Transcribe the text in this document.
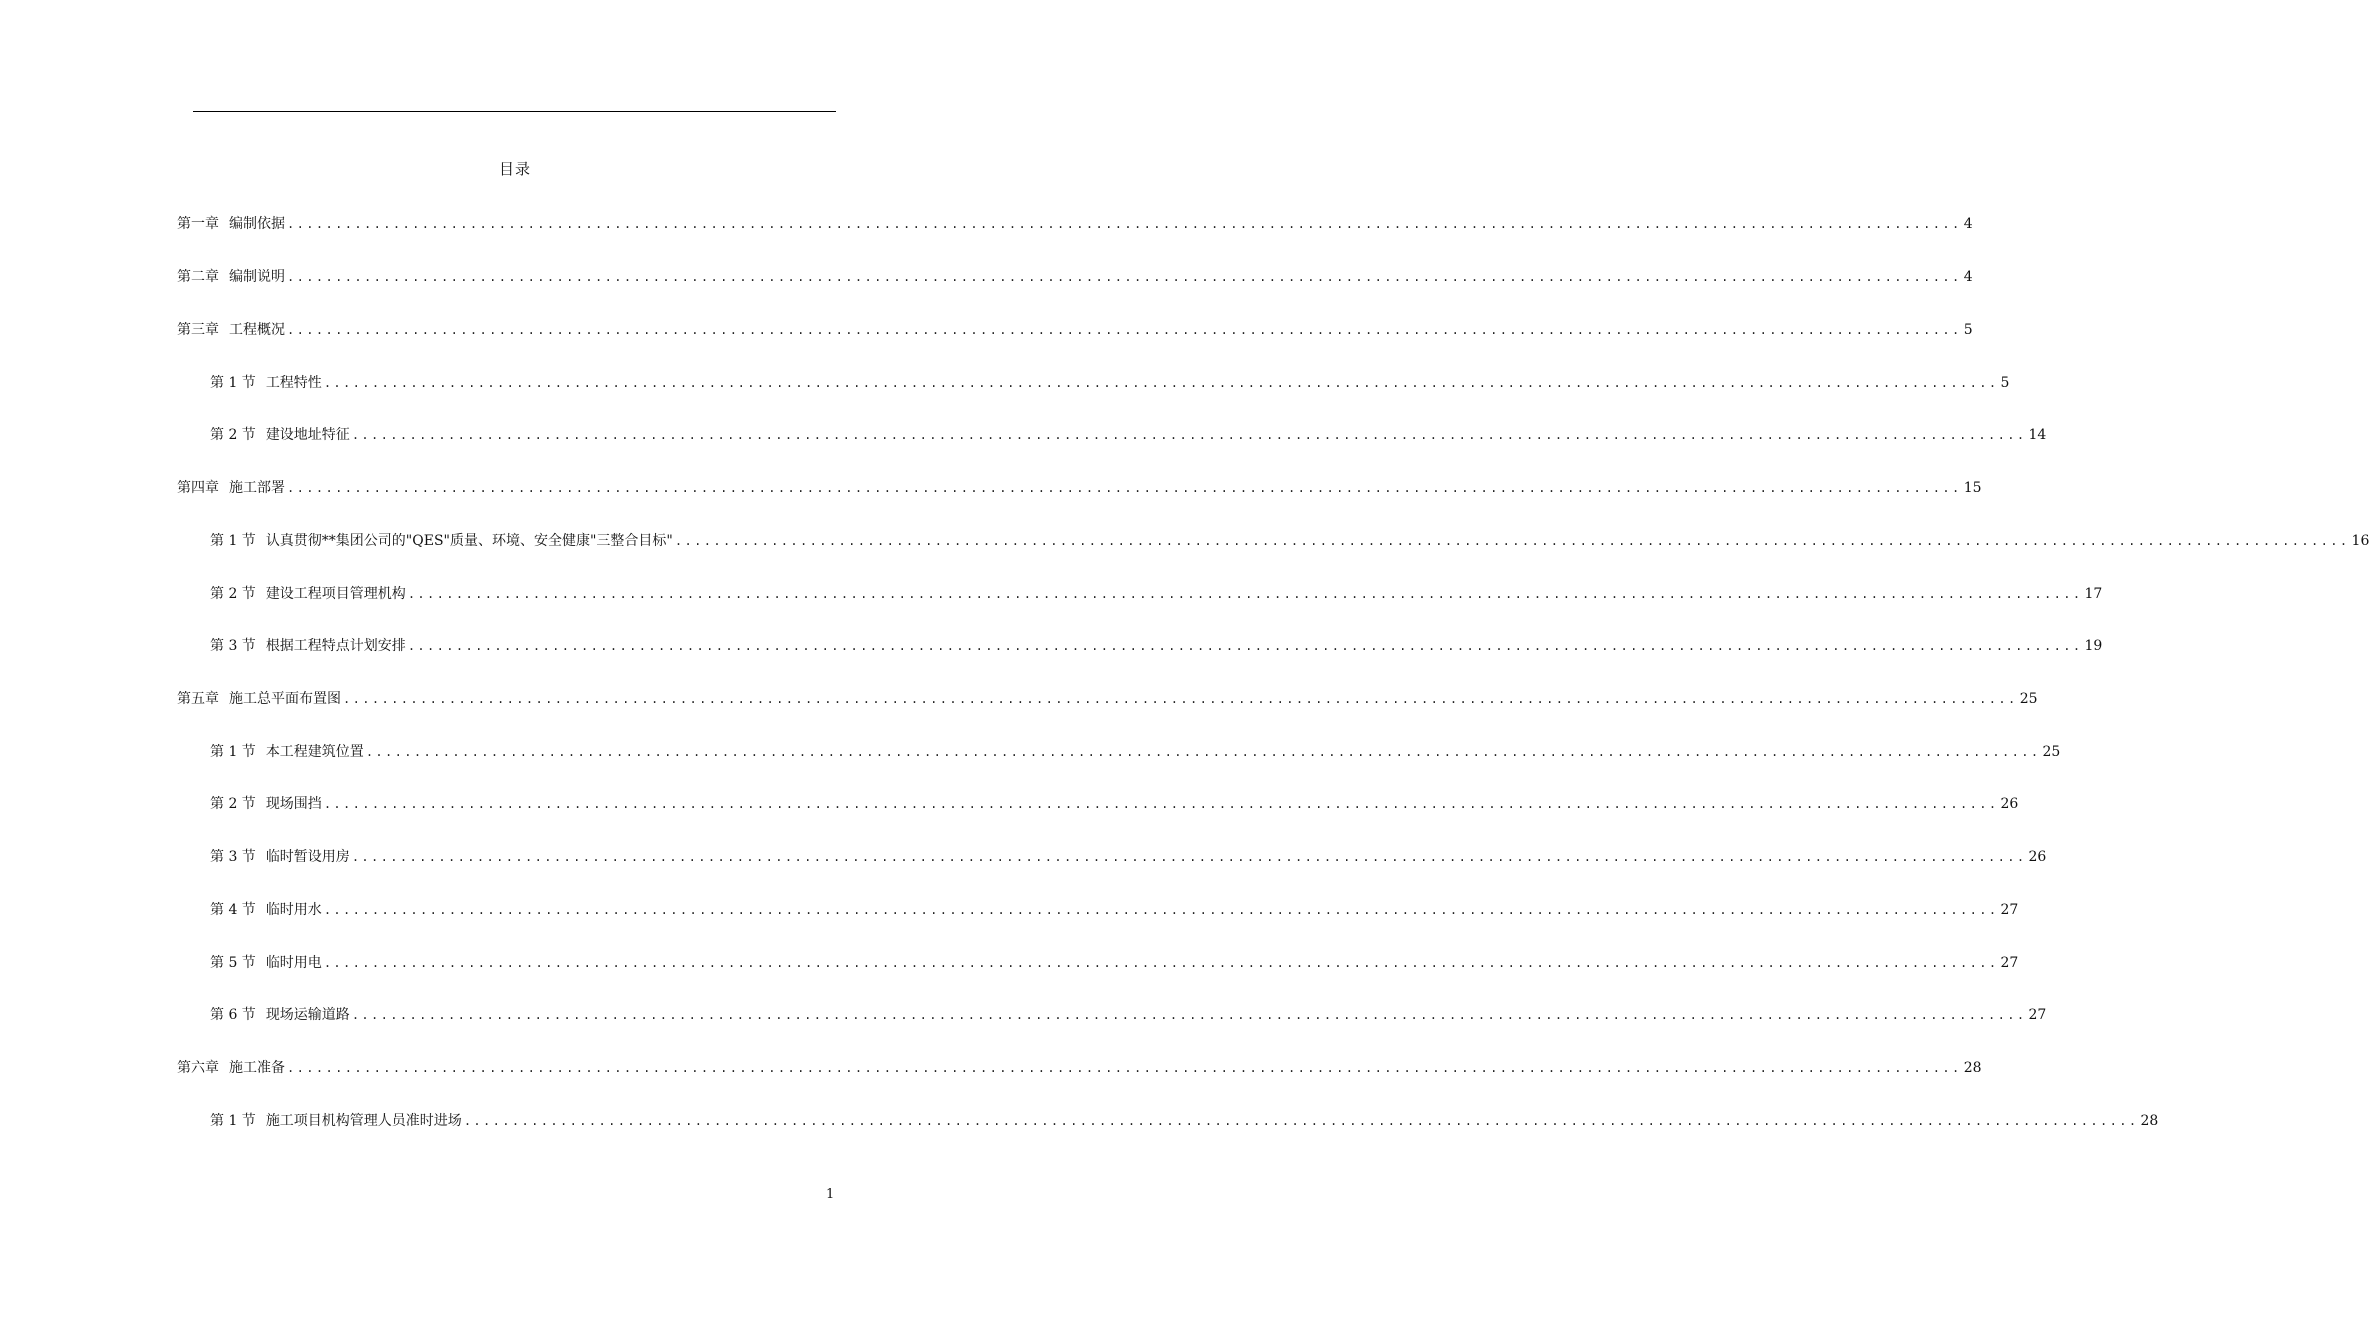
目录
第一章 编制依据 .............................................................................................................................................................................. 4
第二章 编制说明 .............................................................................................................................................................................. 4
第三章 工程概况 .............................................................................................................................................................................. 5
第 1 节 工程特性 .............................................................................................................................................................................. 5
第 2 节 建设地址特征 .............................................................................................................................................................................. 14
第四章 施工部署 .............................................................................................................................................................................. 15
第 1 节 认真贯彻**集团公司的"QES"质量、环境、安全健康"三整合目标" .............................................................................................................................................................................. 16
第 2 节 建设工程项目管理机构 .............................................................................................................................................................................. 17
第 3 节 根据工程特点计划安排 .............................................................................................................................................................................. 19
第五章 施工总平面布置图 .............................................................................................................................................................................. 25
第 1 节 本工程建筑位置 .............................................................................................................................................................................. 25
第 2 节 现场围挡 .............................................................................................................................................................................. 26
第 3 节 临时暂设用房 .............................................................................................................................................................................. 26
第 4 节 临时用水 .............................................................................................................................................................................. 27
第 5 节 临时用电 .............................................................................................................................................................................. 27
第 6 节 现场运输道路 .............................................................................................................................................................................. 27
第六章 施工准备 .............................................................................................................................................................................. 28
第 1 节 施工项目机构管理人员准时进场 .............................................................................................................................................................................. 28
1
